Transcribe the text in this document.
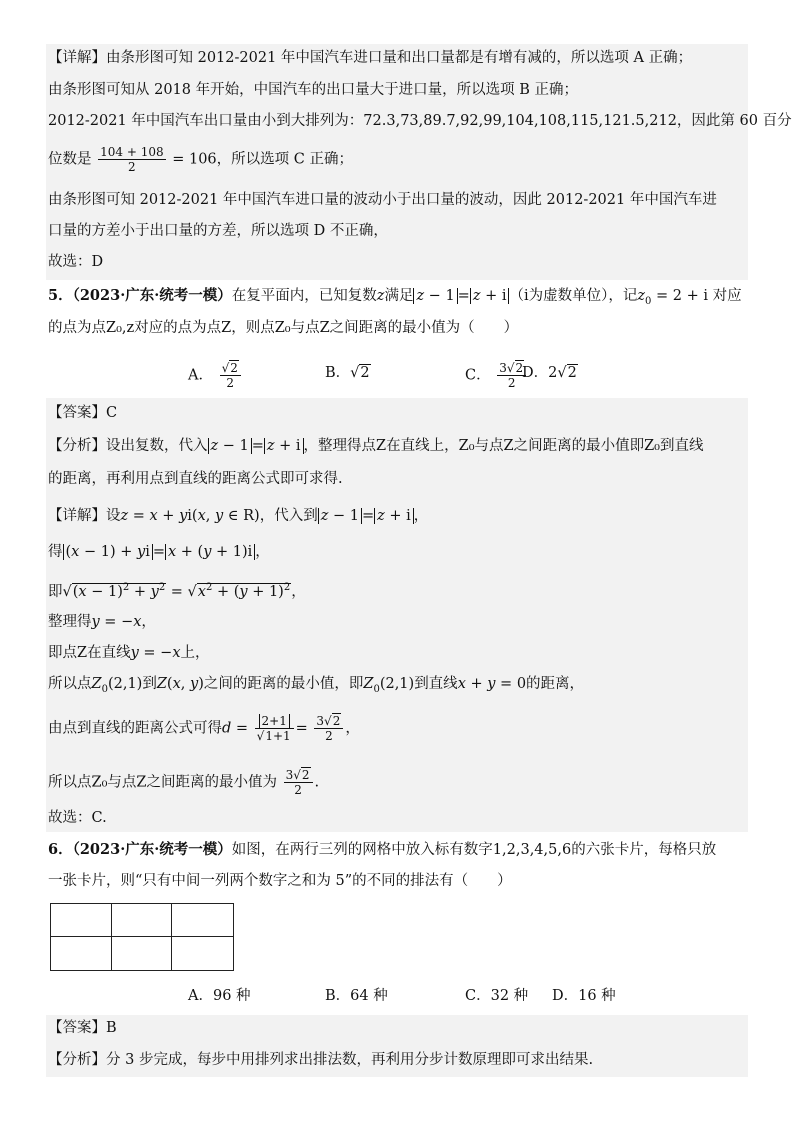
【详解】由条形图可知 2012-2021 年中国汽车进口量和出口量都是有增有减的，所以选项 A 正确；
由条形图可知从 2018 年开始，中国汽车的出口量大于进口量，所以选项 B 正确；
2012-2021 年中国汽车出口量由小到大排列为：72.3,73,89.7,92,99,104,108,115,121.5,212，因此第 60 百分
位数是 $\frac{104 + 108}{2} = 106$，所以选项 C 正确；
由条形图可知 2012-2021 年中国汽车进口量的波动小于出口量的波动，因此 2012-2021 年中国汽车进
口量的方差小于出口量的方差，所以选项 D 不正确，
故选：D
5．（2023·广东·统考一模）在复平面内，已知复数z满足 z − 1 = z + i （i为虚数单位），记$z_0 = 2 + i$ 对应
的点为点Z₀,z对应的点为点Z，则点Z₀与点Z之间距离的最小值为（　　）
A． $\frac{√2}{2}$	B．√2	C． $\frac{3√2}{2}$
D．2√2
【答案】C
【分析】设出复数，代入 z − 1 = z + i ，整理得点Z在直线上，Z₀与点Z之间距离的最小值即Z₀到直线
的距离，再利用点到直线的距离公式即可求得.
【详解】设z = x + yi(x, y ∈ R)，代入到 z − 1 = z + i ，
得 (x − 1) + yi = x + (y + 1)i ，
即$√(x - 1)^2 + y^2 = √x^2 + (y + 1)^2$，
整理得y = −x，
即点Z在直线y = −x上，
所以点$Z_0(2,1)$到Z(x, y)之间的距离的最小值，即$Z_0(2,1)$到直线x + y = 0的距离，
由点到直线的距离公式可得$d = \frac{2+1}{√1+1} = \frac{3√2}{2}$ ，
所以点Z₀与点Z之间距离的最小值为 $\frac{3√2}{2}$ .
故选：C.
6．（2023·广东·统考一模）如图，在两行三列的网格中放入标有数字1,2,3,4,5,6的六张卡片，每格只放
一张卡片，则“只有中间一列两个数字之和为 5”的不同的排法有（　　）
A．96 种	B．64 种	C．32 种 D．16 种
【答案】B
【分析】分 3 步完成，每步中用排列求出排法数，再利用分步计数原理即可求出结果.
